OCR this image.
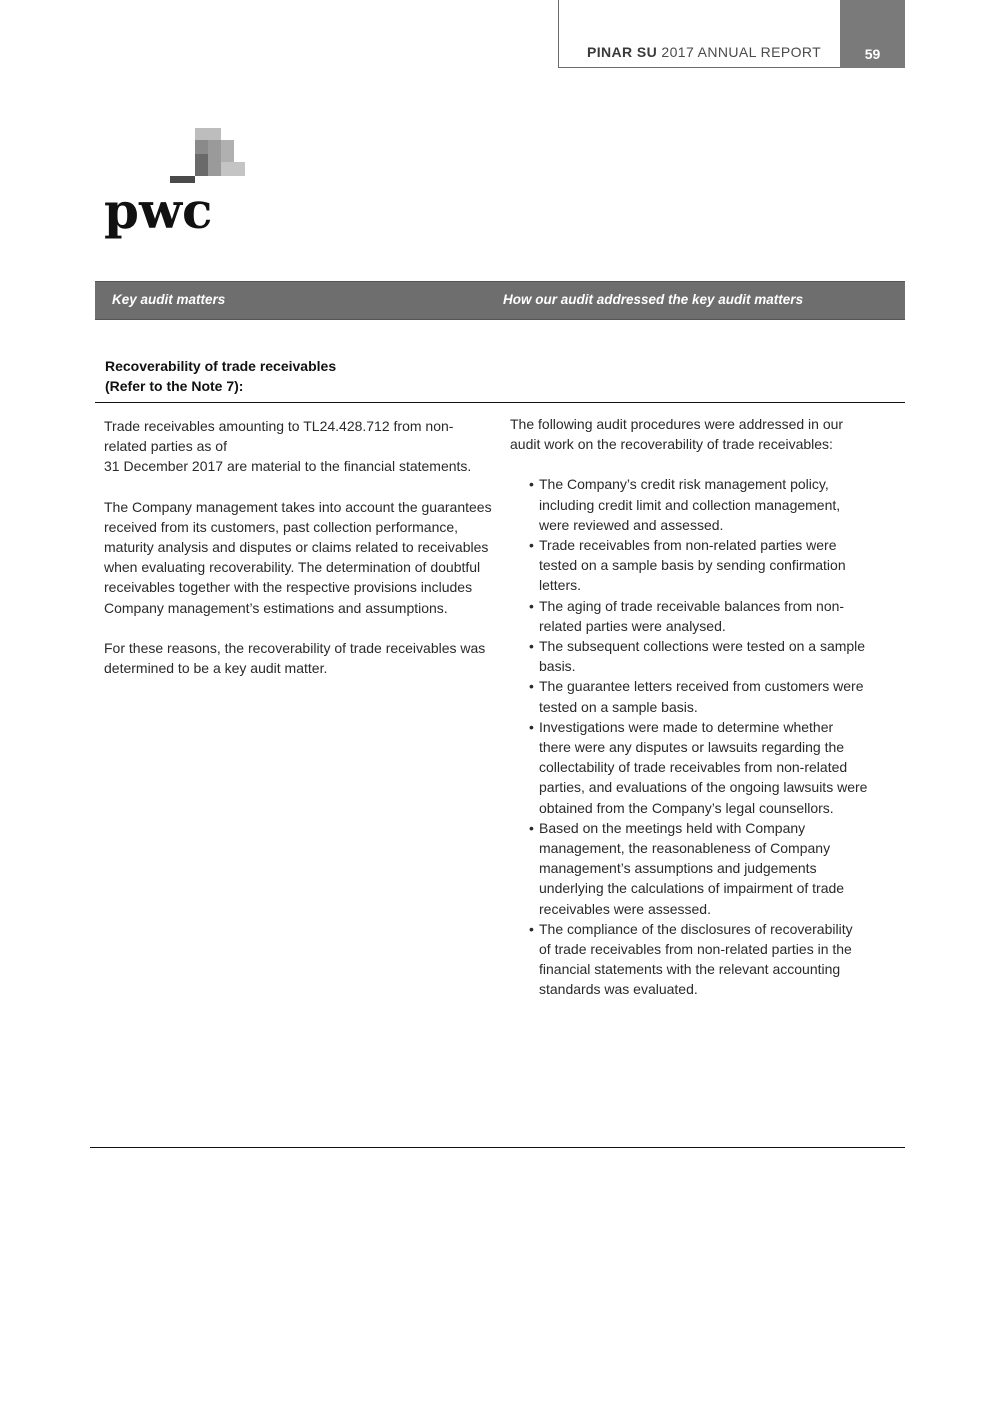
PINAR SU 2017 ANNUAL REPORT	59
pwc
Key audit matters	How our audit addressed the key audit matters
Recoverability of trade receivables
(Refer to the Note 7):

Trade receivables amounting to TL24.428.712 from non-
related parties as of
31 December 2017 are material to the financial statements.

The Company management takes into account the guarantees
received from its customers, past collection performance,
maturity analysis and disputes or claims related to receivables
when evaluating recoverability. The determination of doubtful
receivables together with the respective provisions includes
Company management’s estimations and assumptions.

For these reasons, the recoverability of trade receivables was
determined to be a key audit matter.

The following audit procedures were addressed in our
audit work on the recoverability of trade receivables:

• The Company’s credit risk management policy,
including credit limit and collection management,
were reviewed and assessed.
• Trade receivables from non-related parties were
tested on a sample basis by sending confirmation
letters.
• The aging of trade receivable balances from non-
related parties were analysed.
• The subsequent collections were tested on a sample
basis.
• The guarantee letters received from customers were
tested on a sample basis.
• Investigations were made to determine whether
there were any disputes or lawsuits regarding the
collectability of trade receivables from non-related
parties, and evaluations of the ongoing lawsuits were
obtained from the Company’s legal counsellors.
• Based on the meetings held with Company
management, the reasonableness of Company
management’s assumptions and judgements
underlying the calculations of impairment of trade
receivables were assessed.
• The compliance of the disclosures of recoverability
of trade receivables from non-related parties in the
financial statements with the relevant accounting
standards was evaluated.
